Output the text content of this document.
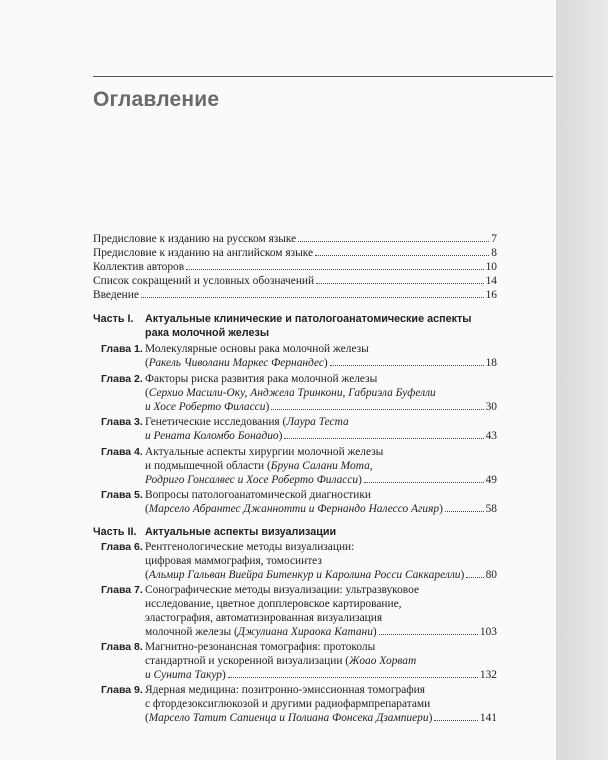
Оглавление
Предисловие к изданию на русском языке	7
Предисловие к изданию на английском языке	8
Коллектив авторов	10
Список сокращений и условных обозначений	14
Введение	16
Часть I. Актуальные клинические и патологоанатомические аспекты
рака молочной железы
Глава 1. Молекулярные основы рака молочной железы
(Ракель Чиволани Маркес Фернандес)	18
Глава 2. Факторы риска развития рака молочной железы
(Серхио Масили-Оку, Анджела Тринкони, Габриэла Буфелли
и Хосе Роберто Филасси)	30
Глава 3. Генетические исследования (Лаура Теста
и Рената Коломбо Бонадио)	43
Глава 4. Актуальные аспекты хирургии молочной железы
и подмышечной области (Бруна Салани Мота,
Родриго Гонсалвес и Хосе Роберто Филасси)	49
Глава 5. Вопросы патологоанатомической диагностики
(Марсело Абрантес Джаннотти и Фернандо Налессо Агияр)	58
Часть II. Актуальные аспекты визуализации
Глава 6. Рентгенологические методы визуализации:
цифровая маммография, томосинтез
(Альмир Гальван Виейра Битенкур и Каролина Росси Саккарелли) 80
Глава 7. Сонографические методы визуализации: ультразвуковое
исследование, цветное допплеровское картирование,
эластография, автоматизированная визуализация
молочной железы (Джулиана Хираока Катани)	103
Глава 8. Магнитно-резонансная томография: протоколы
стандартной и ускоренной визуализации (Жоао Хорват
и Сунита Такур)	132
Глава 9. Ядерная медицина: позитронно-эмиссионная томография
с фтордезоксиглюкозой и другими радиофармпрепаратами
(Марсело Татит Сапиенца и Полиана Фонсека Дзампиери)	141
